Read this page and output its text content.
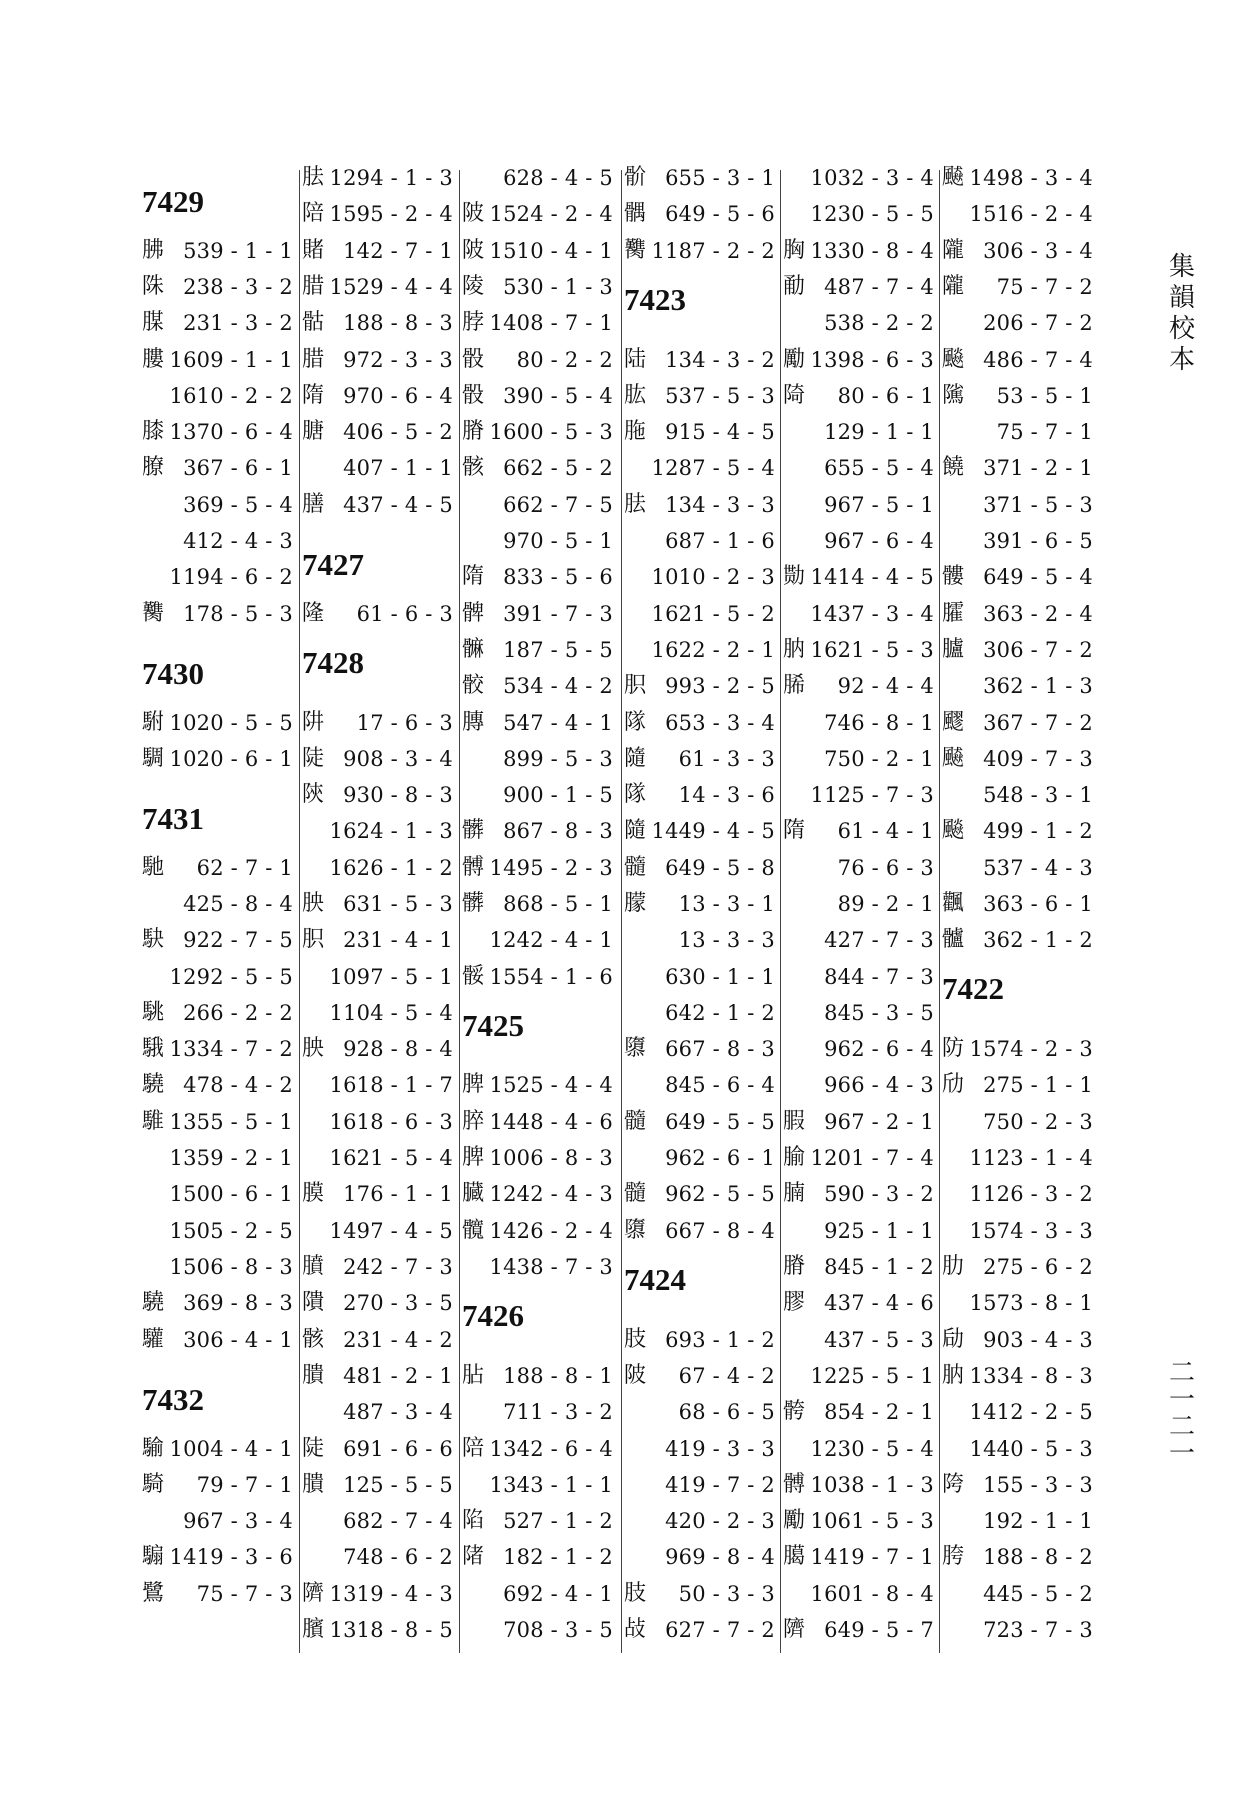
7429
胇 539 - 1 - 1
陎 238 - 3 - 2
腜 231 - 3 - 2
膢 1609 - 1 - 1
1610 - 2 - 2
膝 1370 - 6 - 4
膫 367 - 6 - 1
369 - 5 - 4
412 - 4 - 3
1194 - 6 - 2
臡 178 - 5 - 3
7430
駙 1020 - 5 - 5
騆 1020 - 6 - 1
7431
馳 62 - 7 - 1
425 - 8 - 4
駃 922 - 7 - 5
1292 - 5 - 5
駣 266 - 2 - 2
騀 1334 - 7 - 2
驍 478 - 4 - 2
騅 1355 - 5 - 1
1359 - 2 - 1
1500 - 6 - 1
1505 - 2 - 5
1506 - 8 - 3
驍 369 - 8 - 3
驩 306 - 4 - 1
7432
騟 1004 - 4 - 1
騎 79 - 7 - 1
967 - 3 - 4
騸 1419 - 3 - 6
鷺 75 - 7 - 3
胠 1294 - 1 - 3
陪 1595 - 2 - 4
賭 142 - 7 - 1
腊 1529 - 4 - 4
骷 188 - 8 - 3
腊 972 - 3 - 3
隋 970 - 6 - 4
膅 406 - 5 - 2
407 - 1 - 1
膳 437 - 4 - 5
7427
隆 61 - 6 - 3
7428
阱 17 - 6 - 3
陡 908 - 3 - 4
陝 930 - 8 - 3
1624 - 1 - 3
1626 - 1 - 2
胦 631 - 5 - 3
胑 231 - 4 - 1
1097 - 5 - 1
1104 - 5 - 4
胦 928 - 8 - 4
1618 - 1 - 7
1618 - 6 - 3
1621 - 5 - 4
膜 176 - 1 - 1
1497 - 4 - 5
膹 242 - 7 - 3
隤 270 - 3 - 5
骸 231 - 4 - 2
膭 481 - 2 - 1
487 - 3 - 4
陡 691 - 6 - 6
膭 125 - 5 - 5
682 - 7 - 4
748 - 6 - 2
隮 1319 - 4 - 3
臏 1318 - 8 - 5
628 - 4 - 5
陂 1524 - 2 - 4
陂 1510 - 4 - 1
陵 530 - 1 - 3
脖 1408 - 7 - 1
骰 80 - 2 - 2
骰 390 - 5 - 4
膌 1600 - 5 - 3
骸 662 - 5 - 2
662 - 7 - 5
970 - 5 - 1
隋 833 - 5 - 6
髀 391 - 7 - 3
髍 187 - 5 - 5
骹 534 - 4 - 2
膞 547 - 4 - 1
899 - 5 - 3
900 - 1 - 5
髒 867 - 8 - 3
髆 1495 - 2 - 3
髒 868 - 5 - 1
1242 - 4 - 1
骽 1554 - 1 - 6
7425
脾 1525 - 4 - 4
脺 1448 - 4 - 6
脾 1006 - 8 - 3
臓 1242 - 4 - 3
髖 1426 - 2 - 4
1438 - 7 - 3
7426
胋 188 - 8 - 1
711 - 3 - 2
陪 1342 - 6 - 4
1343 - 1 - 1
陷 527 - 1 - 2
陼 182 - 1 - 2
692 - 4 - 1
708 - 3 - 5
骱 655 - 3 - 1
髃 649 - 5 - 6
臡 1187 - 2 - 2
7423
陆 134 - 3 - 2
肱 537 - 5 - 3
胣 915 - 4 - 5
1287 - 5 - 4
胠 134 - 3 - 3
687 - 1 - 6
1010 - 2 - 3
1621 - 5 - 2
1622 - 2 - 1
胑 993 - 2 - 5
隊 653 - 3 - 4
隨 61 - 3 - 3
隊 14 - 3 - 6
隨 1449 - 4 - 5
髓 649 - 5 - 8
朦 13 - 3 - 1
13 - 3 - 3
630 - 1 - 1
642 - 1 - 2
隳 667 - 8 - 3
845 - 6 - 4
髓 649 - 5 - 5
962 - 6 - 1
髓 962 - 5 - 5
隳 667 - 8 - 4
7424
肢 693 - 1 - 2
陂 67 - 4 - 2
68 - 6 - 5
419 - 3 - 3
419 - 7 - 2
420 - 2 - 3
969 - 8 - 4
肢 50 - 3 - 3
敁 627 - 7 - 2
1032 - 3 - 4
1230 - 5 - 5
胸 1330 - 8 - 4
勈 487 - 7 - 4
538 - 2 - 2
勵 1398 - 6 - 3
陭 80 - 6 - 1
129 - 1 - 1
655 - 5 - 4
967 - 5 - 1
967 - 6 - 4
勚 1414 - 4 - 5
1437 - 3 - 4
肭 1621 - 5 - 3
脪 92 - 4 - 4
746 - 8 - 1
750 - 2 - 1
1125 - 7 - 3
隋 61 - 4 - 1
76 - 6 - 3
89 - 2 - 1
427 - 7 - 3
844 - 7 - 3
845 - 3 - 5
962 - 6 - 4
966 - 4 - 3
腵 967 - 2 - 1
腧 1201 - 7 - 4
腩 590 - 3 - 2
925 - 1 - 1
膌 845 - 1 - 2
膠 437 - 4 - 6
437 - 5 - 3
1225 - 5 - 1
骻 854 - 2 - 1
1230 - 5 - 4
髆 1038 - 1 - 3
勵 1061 - 5 - 3
臈 1419 - 7 - 1
1601 - 8 - 4
隮 649 - 5 - 7
飇 1498 - 3 - 4
1516 - 2 - 4
隴 306 - 3 - 4
隴 75 - 7 - 2
206 - 7 - 2
飈 486 - 7 - 4
隲 53 - 5 - 1
75 - 7 - 1
饒 371 - 2 - 1
371 - 5 - 3
391 - 6 - 5
髏 649 - 5 - 4
臛 363 - 2 - 4
臚 306 - 7 - 2
362 - 1 - 3
飂 367 - 7 - 2
飇 409 - 7 - 3
548 - 3 - 1
飈 499 - 1 - 2
537 - 4 - 3
飌 363 - 6 - 1
髗 362 - 1 - 2
7422
防 1574 - 2 - 3
劤 275 - 1 - 1
750 - 2 - 3
1123 - 1 - 4
1126 - 3 - 2
1574 - 3 - 3
肋 275 - 6 - 2
1573 - 8 - 1
劶 903 - 4 - 3
肭 1334 - 8 - 3
1412 - 2 - 5
1440 - 5 - 3
陓 155 - 3 - 3
192 - 1 - 1
胯 188 - 8 - 2
445 - 5 - 2
723 - 7 - 3
集韻校本
二一二一
